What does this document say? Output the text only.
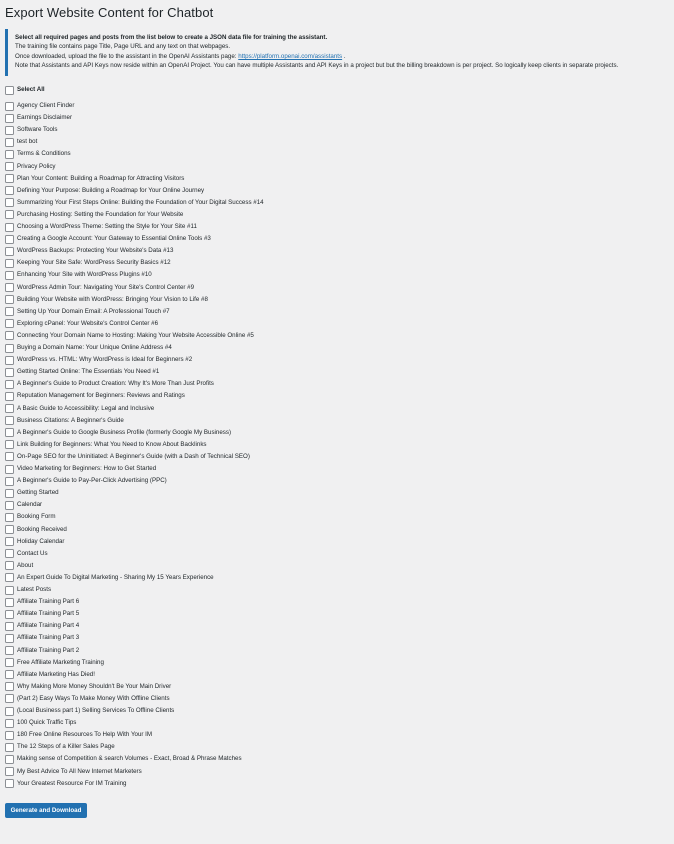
Export Website Content for Chatbot
Select all required pages and posts from the list below to create a JSON data file for training the assistant.
The training file contains page Title, Page URL and any text on that webpages.
Once downloaded, upload the file to the assistant in the OpenAI Assistants page: https://platform.openai.com/assistants .
Note that Assistants and API Keys now reside within an OpenAI Project. You can have multiple Assistants and API Keys in a project but but the billing breakdown is per project. So logically keep clients in separate projects.
Select All
Agency Client Finder
Earnings Disclaimer
Software Tools
test bot
Terms & Conditions
Privacy Policy
Plan Your Content: Building a Roadmap for Attracting Visitors
Defining Your Purpose: Building a Roadmap for Your Online Journey
Summarizing Your First Steps Online: Building the Foundation of Your Digital Success #14
Purchasing Hosting: Setting the Foundation for Your Website
Choosing a WordPress Theme: Setting the Style for Your Site #11
Creating a Google Account: Your Gateway to Essential Online Tools #3
WordPress Backups: Protecting Your Website's Data #13
Keeping Your Site Safe: WordPress Security Basics #12
Enhancing Your Site with WordPress Plugins #10
WordPress Admin Tour: Navigating Your Site's Control Center #9
Building Your Website with WordPress: Bringing Your Vision to Life #8
Setting Up Your Domain Email: A Professional Touch #7
Exploring cPanel: Your Website's Control Center #6
Connecting Your Domain Name to Hosting: Making Your Website Accessible Online #5
Buying a Domain Name: Your Unique Online Address #4
WordPress vs. HTML: Why WordPress is Ideal for Beginners #2
Getting Started Online: The Essentials You Need #1
A Beginner's Guide to Product Creation: Why It's More Than Just Profits
Reputation Management for Beginners: Reviews and Ratings
A Basic Guide to Accessibility: Legal and Inclusive
Business Citations: A Beginner's Guide
A Beginner's Guide to Google Business Profile (formerly Google My Business)
Link Building for Beginners: What You Need to Know About Backlinks
On-Page SEO for the Uninitiated: A Beginner's Guide (with a Dash of Technical SEO)
Video Marketing for Beginners: How to Get Started
A Beginner's Guide to Pay-Per-Click Advertising (PPC)
Getting Started
Calendar
Booking Form
Booking Received
Holiday Calendar
Contact Us
About
An Expert Guide To Digital Marketing - Sharing My 15 Years Experience
Latest Posts
Affiliate Training Part 6
Affiliate Training Part 5
Affiliate Training Part 4
Affiliate Training Part 3
Affiliate Training Part 2
Free Affiliate Marketing Training
Affiliate Marketing Has Died!
Why Making More Money Shouldn't Be Your Main Driver
(Part 2) Easy Ways To Make Money With Offline Clients
(Local Business part 1) Selling Services To Offline Clients
100 Quick Traffic Tips
180 Free Online Resources To Help With Your IM
The 12 Steps of a Killer Sales Page
Making sense of Competition & search Volumes - Exact, Broad & Phrase Matches
My Best Advice To All New Internet Marketers
Your Greatest Resource For IM Training
Generate and Download
